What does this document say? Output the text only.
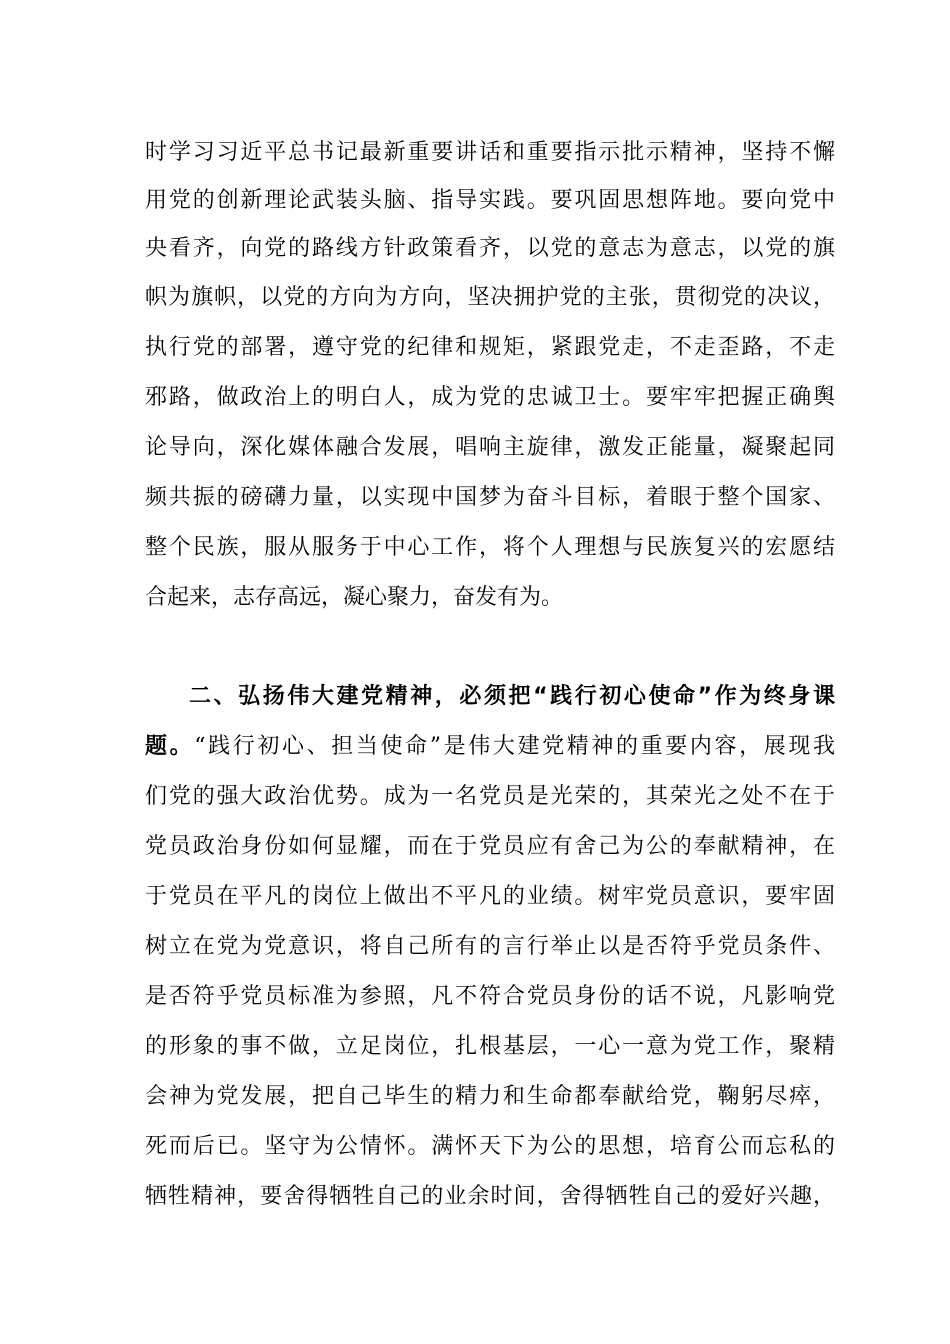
时学习习近平总书记最新重要讲话和重要指示批示精神，坚持不懈
用党的创新理论武装头脑、指导实践。要巩固思想阵地。要向党中
央看齐，向党的路线方针政策看齐，以党的意志为意志，以党的旗
帜为旗帜，以党的方向为方向，坚决拥护党的主张，贯彻党的决议，
执行党的部署，遵守党的纪律和规矩，紧跟党走，不走歪路，不走
邪路，做政治上的明白人，成为党的忠诚卫士。要牢牢把握正确舆
论导向，深化媒体融合发展，唱响主旋律，激发正能量，凝聚起同
频共振的磅礴力量，以实现中国梦为奋斗目标，着眼于整个国家、
整个民族，服从服务于中心工作，将个人理想与民族复兴的宏愿结
合起来，志存高远，凝心聚力，奋发有为。
二、弘扬伟大建党精神，必须把“践行初心使命”作为终身课
题。“践行初心、担当使命”是伟大建党精神的重要内容，展现我
们党的强大政治优势。成为一名党员是光荣的，其荣光之处不在于
党员政治身份如何显耀，而在于党员应有舍己为公的奉献精神，在
于党员在平凡的岗位上做出不平凡的业绩。树牢党员意识，要牢固
树立在党为党意识，将自己所有的言行举止以是否符乎党员条件、
是否符乎党员标准为参照，凡不符合党员身份的话不说，凡影响党
的形象的事不做，立足岗位，扎根基层，一心一意为党工作，聚精
会神为党发展，把自己毕生的精力和生命都奉献给党，鞠躬尽瘁，
死而后已。坚守为公情怀。满怀天下为公的思想，培育公而忘私的
牺牲精神，要舍得牺牲自己的业余时间，舍得牺牲自己的爱好兴趣，
